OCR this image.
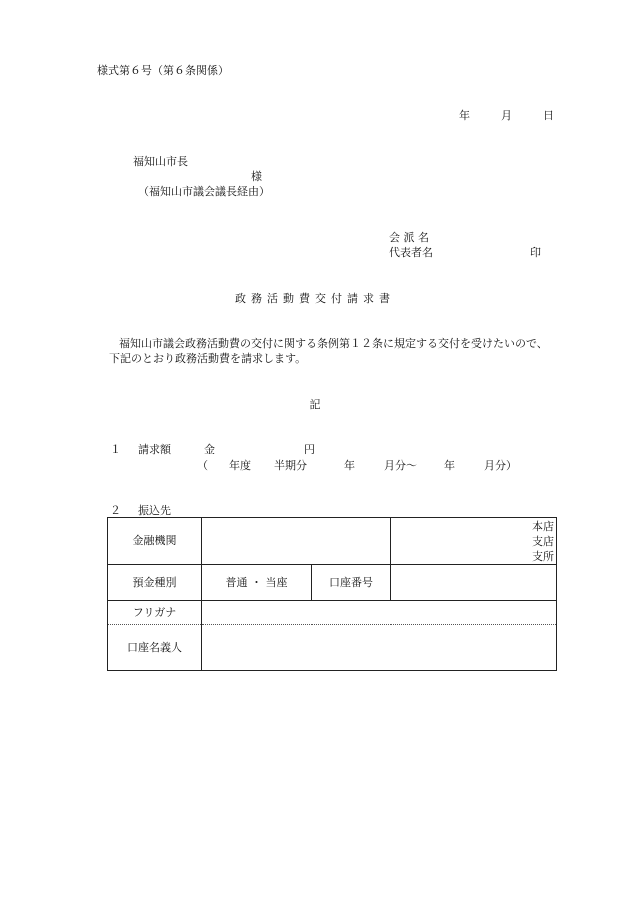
様式第６号（第６条関係）
年	月	日
福知山市長
様
（福知山市議会議長経由）
会 派 名
代表者名	印
政務活動費交付請求書
福知山市議会政務活動費の交付に関する条例第１２条に規定する交付を受けたいので、
下記のとおり政務活動費を請求します。
記
１ 請求額	金	円
（ 年度 半期分	年	月分～ 年	月分）
２ 振込先
金融機関			本店
支店
支所

預金種別	普通 ・ 当座	口座番号	
フリガナ			
口座名義人			
